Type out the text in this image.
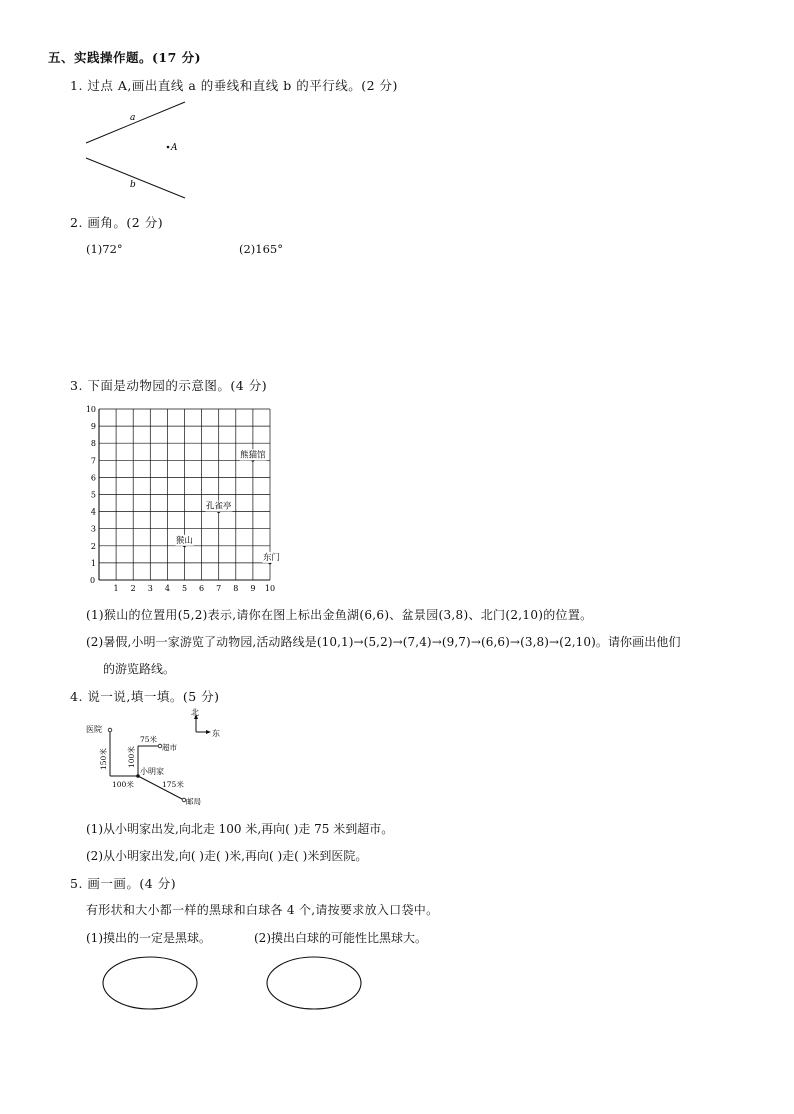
五、实践操作题。(17 分)
1. 过点 A,画出直线 a 的垂线和直线 b 的平行线。(2 分)
a
b
A
2. 画角。(2 分)
(1)72°	(2)165°
3. 下面是动物园的示意图。(4 分)
0
1 2 3 4 5 6 7 8 9 10
1
2
3
4
5
6
7
8
9
10
熊猫馆
孔雀亭
猴山
东门
(1)猴山的位置用(5,2)表示,请你在图上标出金鱼湖(6,6)、盆景园(3,8)、北门(2,10)的位置。
(2)暑假,小明一家游览了动物园,活动路线是(10,1)→(5,2)→(7,4)→(9,7)→(6,6)→(3,8)→(2,10)。请你画出他们
的游览路线。
4. 说一说,填一填。(5 分)
北
东
医院
超市
小明家
邮局
75米
100米
150米
100米	175米
(1)从小明家出发,向北走 100 米,再向( )走 75 米到超市。
(2)从小明家出发,向( )走( )米,再向( )走( )米到医院。
5. 画一画。(4 分)
有形状和大小都一样的黑球和白球各 4 个,请按要求放入口袋中。
(1)摸出的一定是黑球。	(2)摸出白球的可能性比黑球大。
